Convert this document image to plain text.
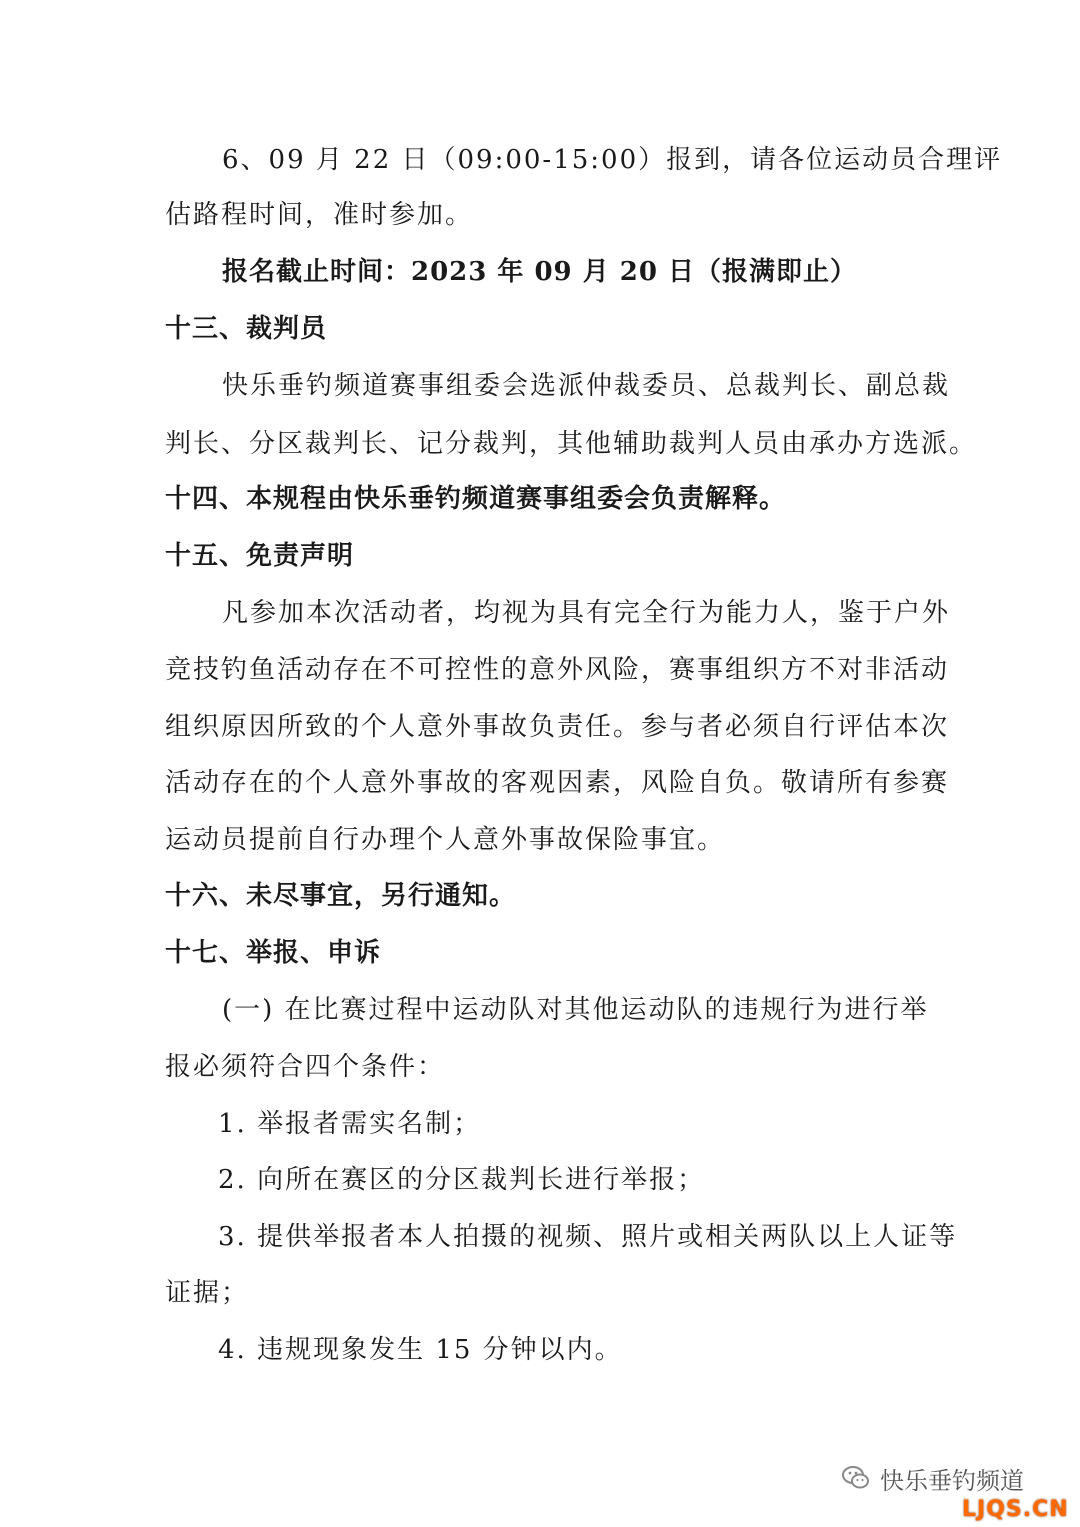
6、09 月 22 日（09:00-15:00）报到，请各位运动员合理评
估路程时间，准时参加。
报名截止时间：2023 年 09 月 20 日（报满即止）
十三、裁判员
快乐垂钓频道赛事组委会选派仲裁委员、总裁判长、副总裁
判长、分区裁判长、记分裁判，其他辅助裁判人员由承办方选派。
十四、本规程由快乐垂钓频道赛事组委会负责解释。
十五、免责声明
凡参加本次活动者，均视为具有完全行为能力人，鉴于户外
竞技钓鱼活动存在不可控性的意外风险，赛事组织方不对非活动
组织原因所致的个人意外事故负责任。参与者必须自行评估本次
活动存在的个人意外事故的客观因素，风险自负。敬请所有参赛
运动员提前自行办理个人意外事故保险事宜。
十六、未尽事宜，另行通知。
十七、举报、申诉
(一) 在比赛过程中运动队对其他运动队的违规行为进行举
报必须符合四个条件：
1. 举报者需实名制；
2. 向所在赛区的分区裁判长进行举报；
3. 提供举报者本人拍摄的视频、照片或相关两队以上人证等
证据；
4. 违规现象发生 15 分钟以内。
快乐垂钓频道
LJQS.CN
